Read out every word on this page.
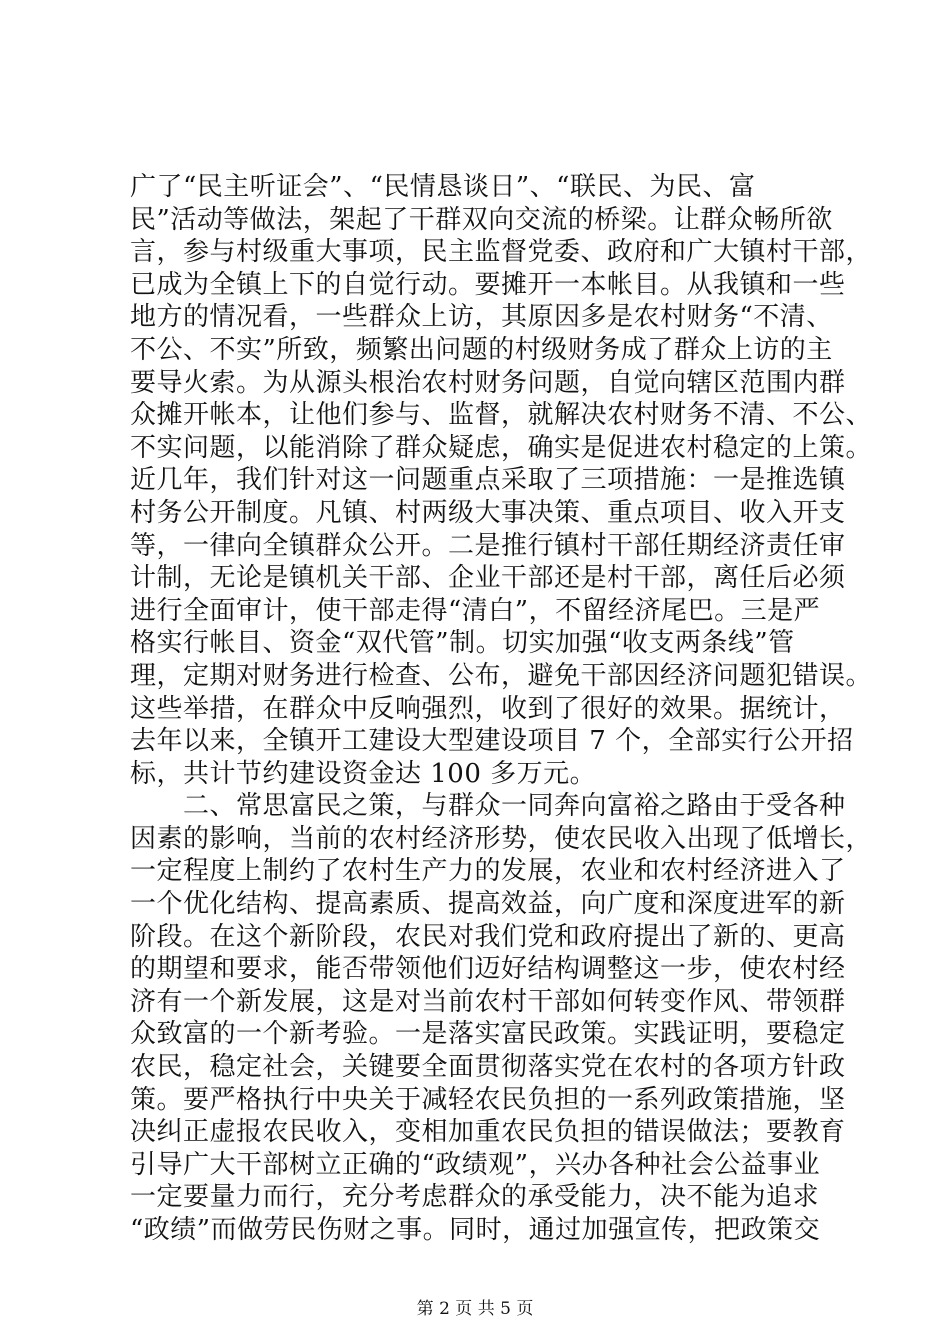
广了“民主听证会”、“民情恳谈日”、“联民、为民、富
民”活动等做法，架起了干群双向交流的桥梁。让群众畅所欲
言，参与村级重大事项，民主监督党委、政府和广大镇村干部，
已成为全镇上下的自觉行动。要摊开一本帐目。从我镇和一些
地方的情况看，一些群众上访，其原因多是农村财务“不清、
不公、不实”所致，频繁出问题的村级财务成了群众上访的主
要导火索。为从源头根治农村财务问题，自觉向辖区范围内群
众摊开帐本，让他们参与、监督，就解决农村财务不清、不公、
不实问题，以能消除了群众疑虑，确实是促进农村稳定的上策。
近几年，我们针对这一问题重点采取了三项措施：一是推选镇
村务公开制度。凡镇、村两级大事决策、重点项目、收入开支
等，一律向全镇群众公开。二是推行镇村干部任期经济责任审
计制，无论是镇机关干部、企业干部还是村干部，离任后必须
进行全面审计，使干部走得“清白”，不留经济尾巴。三是严
格实行帐目、资金“双代管”制。切实加强“收支两条线”管
理，定期对财务进行检查、公布，避免干部因经济问题犯错误。
这些举措，在群众中反响强烈，收到了很好的效果。据统计，
去年以来，全镇开工建设大型建设项目 7 个，全部实行公开招
标，共计节约建设资金达 100 多万元。
　　二、常思富民之策，与群众一同奔向富裕之路由于受各种
因素的影响，当前的农村经济形势，使农民收入出现了低增长，
一定程度上制约了农村生产力的发展，农业和农村经济进入了
一个优化结构、提高素质、提高效益，向广度和深度进军的新
阶段。在这个新阶段，农民对我们党和政府提出了新的、更高
的期望和要求，能否带领他们迈好结构调整这一步，使农村经
济有一个新发展，这是对当前农村干部如何转变作风、带领群
众致富的一个新考验。一是落实富民政策。实践证明，要稳定
农民，稳定社会，关键要全面贯彻落实党在农村的各项方针政
策。要严格执行中央关于减轻农民负担的一系列政策措施，坚
决纠正虚报农民收入，变相加重农民负担的错误做法；要教育
引导广大干部树立正确的“政绩观”，兴办各种社会公益事业
一定要量力而行，充分考虑群众的承受能力，决不能为追求
“政绩”而做劳民伤财之事。同时，通过加强宣传，把政策交
第 2 页 共 5 页
